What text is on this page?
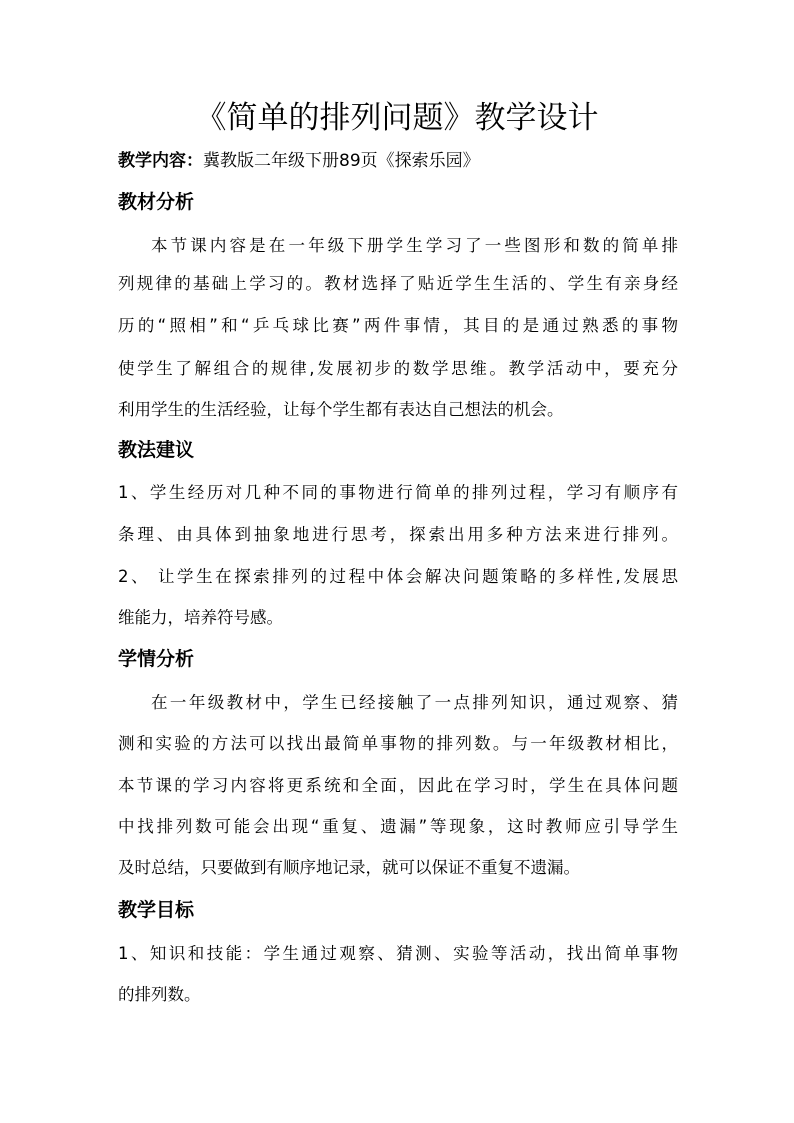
《简单的排列问题》教学设计
教学内容：冀教版二年级下册89页《探索乐园》
教材分析
本节课内容是在一年级下册学生学习了一些图形和数的简单排
列规律的基础上学习的。教材选择了贴近学生生活的、学生有亲身经
历的“照相”和“乒乓球比赛”两件事情，其目的是通过熟悉的事物
使学生了解组合的规律,发展初步的数学思维。教学活动中，要充分
利用学生的生活经验，让每个学生都有表达自己想法的机会。
教法建议
1、学生经历对几种不同的事物进行简单的排列过程，学习有顺序有
条理、由具体到抽象地进行思考，探索出用多种方法来进行排列。
2、 让学生在探索排列的过程中体会解决问题策略的多样性,发展思
维能力，培养符号感。
学情分析
在一年级教材中，学生已经接触了一点排列知识，通过观察、猜
测和实验的方法可以找出最简单事物的排列数。与一年级教材相比，
本节课的学习内容将更系统和全面，因此在学习时，学生在具体问题
中找排列数可能会出现“重复、遗漏”等现象，这时教师应引导学生
及时总结，只要做到有顺序地记录，就可以保证不重复不遗漏。
教学目标
1、知识和技能：学生通过观察、猜测、实验等活动，找出简单事物
的排列数。
